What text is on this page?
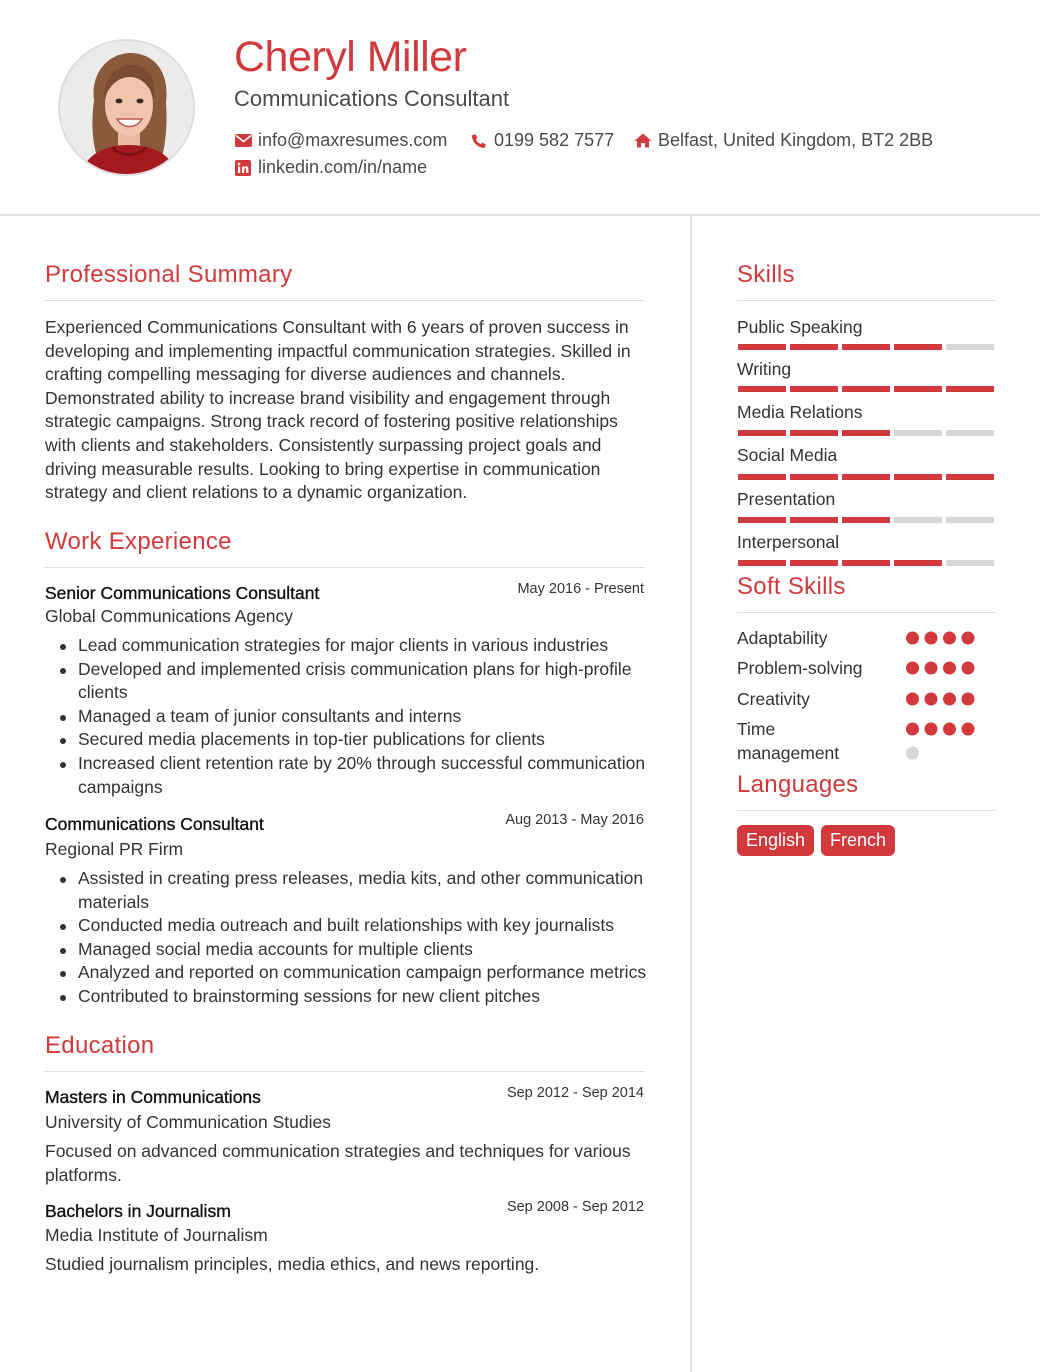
Cheryl Miller
Communications Consultant
info@maxresumes.com	0199 582 7577 Belfast, United Kingdom, BT2 2BB
linkedin.com/in/name
Professional Summary
Experienced Communications Consultant with 6 years of proven success in developing and implementing impactful communication strategies. Skilled in crafting compelling messaging for diverse audiences and channels. Demonstrated ability to increase brand visibility and engagement through strategic campaigns. Strong track record of fostering positive relationships with clients and stakeholders. Consistently surpassing project goals and driving measurable results. Looking to bring expertise in communication strategy and client relations to a dynamic organization.
Work Experience
Senior Communications Consultant	May 2016 - Present
Global Communications Agency
Lead communication strategies for major clients in various industries
Developed and implemented crisis communication plans for high-profile clients
Managed a team of junior consultants and interns
Secured media placements in top-tier publications for clients
Increased client retention rate by 20% through successful communication campaigns
Communications Consultant	Aug 2013 - May 2016
Regional PR Firm
Assisted in creating press releases, media kits, and other communication materials
Conducted media outreach and built relationships with key journalists
Managed social media accounts for multiple clients
Analyzed and reported on communication campaign performance metrics
Contributed to brainstorming sessions for new client pitches
Education
Masters in Communications	Sep 2012 - Sep 2014
University of Communication Studies
Focused on advanced communication strategies and techniques for various platforms.
Bachelors in Journalism	Sep 2008 - Sep 2012
Media Institute of Journalism
Studied journalism principles, media ethics, and news reporting.
Skills
Public Speaking
Writing
Media Relations
Social Media
Presentation
Interpersonal
Soft Skills
Adaptability
Problem-solving
Creativity
Time management
Languages
English	French
